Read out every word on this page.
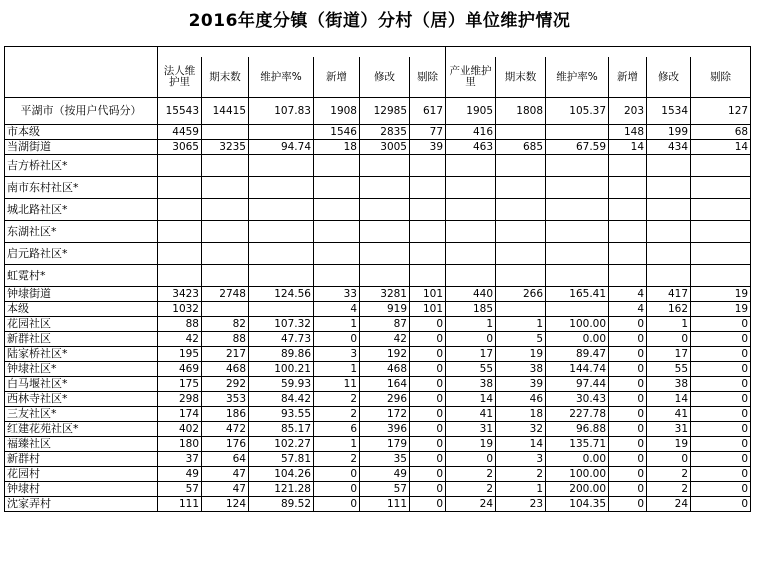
2016年度分镇（街道）分村（居）单位维护情况

	法人维护里	期末数	维护率%	新增	修改	剔除	产业维护里	期末数	维护率%	新增	修改	剔除
平湖市（按用户代码分）	15543	14415	107.83	1908	12985	617	1905	1808	105.37	203	1534	127
市本级	4459			1546	2835	77	416			148	199	68
当湖街道	3065	3235	94.74	18	3005	39	463	685	67.59	14	434	14
吉方桥社区*												
南市东村社区*												
城北路社区*												
东湖社区*												
启元路社区*												
虹霓村*												
钟埭街道	3423	2748	124.56	33	3281	101	440	266	165.41	4	417	19
本级	1032			4	919	101	185			4	162	19
花园社区	88	82	107.32	1	87	0	1	1	100.00	0	1	0
新群社区	42	88	47.73	0	42	0	0	5	0.00	0	0	0
陆家桥社区*	195	217	89.86	3	192	0	17	19	89.47	0	17	0
钟埭社区*	469	468	100.21	1	468	0	55	38	144.74	0	55	0
白马堰社区*	175	292	59.93	11	164	0	38	39	97.44	0	38	0
西林寺社区*	298	353	84.42	2	296	0	14	46	30.43	0	14	0
三友社区*	174	186	93.55	2	172	0	41	18	227.78	0	41	0
红建花苑社区*	402	472	85.17	6	396	0	31	32	96.88	0	31	0
福臻社区	180	176	102.27	1	179	0	19	14	135.71	0	19	0
新群村	37	64	57.81	2	35	0	0	3	0.00	0	0	0
花园村	49	47	104.26	0	49	0	2	2	100.00	0	2	0
钟埭村	57	47	121.28	0	57	0	2	1	200.00	0	2	0
沈家弄村	111	124	89.52	0	111	0	24	23	104.35	0	24	0
